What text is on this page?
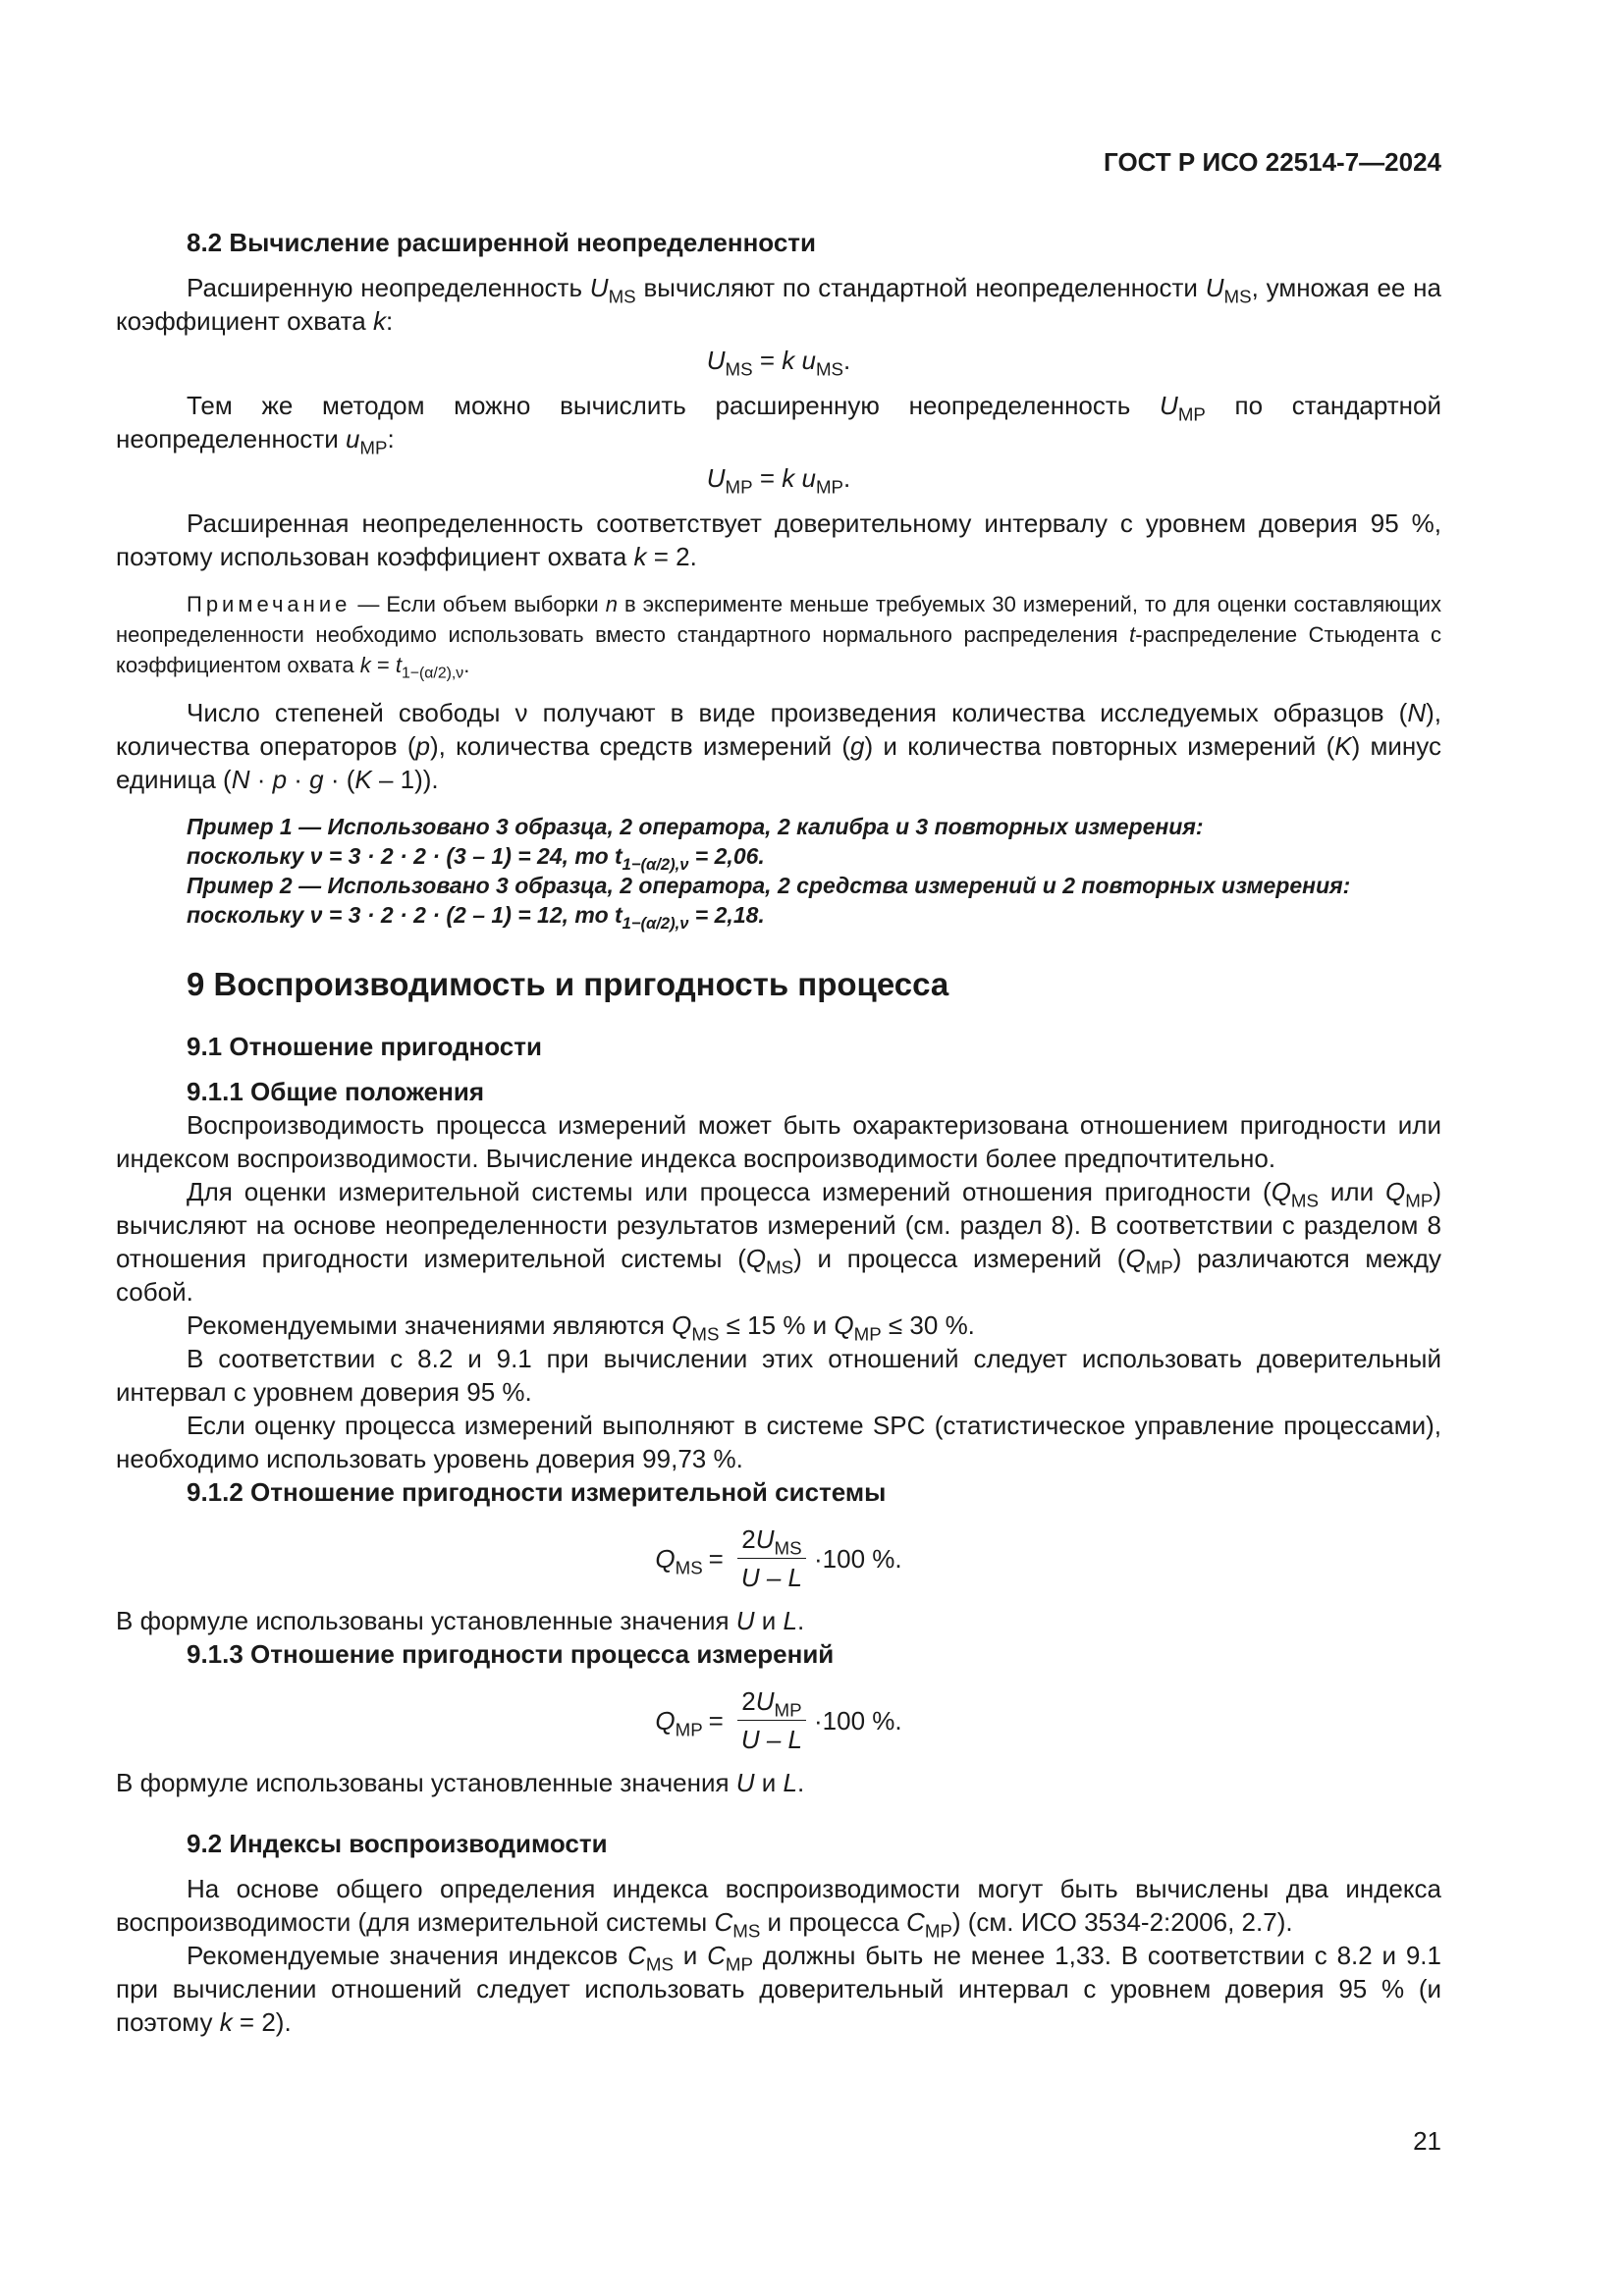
ГОСТ Р ИСО 22514-7—2024

8.2 Вычисление расширенной неопределенности

Расширенную неопределенность $U_{MS}$ вычисляют по стандартной неопределенности $U_{MS}$, умножая ее на коэффициент охвата k:

$U_{MS} = k$ $u_{MS}$.

Тем же методом можно вычислить расширенную неопределенность $U_{MP}$ по стандартной неопределенности $u_{MP}$:

$U_{MP} = k$ $u_{MP}$.

Расширенная неопределенность соответствует доверительному интервалу с уровнем доверия 95 %, поэтому использован коэффициент охвата k = 2.

Примечание — Если объем выборки n в эксперименте меньше требуемых 30 измерений, то для оценки составляющих неопределенности необходимо использовать вместо стандартного нормального распределения t-распределение Стьюдента с коэффициентом охвата $k = t_{1-(\alpha/2),\nu}$.

Число степеней свободы ν получают в виде произведения количества исследуемых образцов (N), количества операторов (p), количества средств измерений (g) и количества повторных измерений (K) минус единица (N · p · g · (K – 1)).

Пример 1 — Использовано 3 образца, 2 оператора, 2 калибра и 3 повторных измерения:
поскольку ν = 3 · 2 · 2 · (3 – 1) = 24, то $t_{1-(\alpha/2),\nu} = 2,06$.
Пример 2 — Использовано 3 образца, 2 оператора, 2 средства измерений и 2 повторных измерения:
поскольку ν = 3 · 2 · 2 · (2 – 1) = 12, то $t_{1-(\alpha/2),\nu} = 2,18$.

9 Воспроизводимость и пригодность процесса

9.1 Отношение пригодности

9.1.1 Общие положения

Воспроизводимость процесса измерений может быть охарактеризована отношением пригодности или индексом воспроизводимости. Вычисление индекса воспроизводимости более предпочтительно.

Для оценки измерительной системы или процесса измерений отношения пригодности ($Q_{MS}$ или $Q_{MP}$) вычисляют на основе неопределенности результатов измерений (см. раздел 8). В соответствии с разделом 8 отношения пригодности измерительной системы $(Q_{MS})$ и процесса измерений $(Q_{MP})$ различаются между собой.

Рекомендуемыми значениями являются $Q_{MS} \le 15$ % и $Q_{MP} \le 30$ %.

В соответствии с 8.2 и 9.1 при вычислении этих отношений следует использовать доверительный интервал с уровнем доверия 95 %.

Если оценку процесса измерений выполняют в системе SPC (статистическое управление процессами), необходимо использовать уровень доверия 99,73 %.

9.1.2 Отношение пригодности измерительной системы

$Q_{MS} = \frac{2U_{MS}}{U - L} \cdot 100$ %.

В формуле использованы установленные значения U и L.

9.1.3 Отношение пригодности процесса измерений

$Q_{MP} = \frac{2U_{MP}}{U - L} \cdot 100$ %.

В формуле использованы установленные значения U и L.

9.2 Индексы воспроизводимости

На основе общего определения индекса воспроизводимости могут быть вычислены два индекса воспроизводимости (для измерительной системы $C_{MS}$ и процесса $C_{MP}$) (см. ИСО 3534-2:2006, 2.7).

Рекомендуемые значения индексов $C_{MS}$ и $C_{MP}$ должны быть не менее 1,33. В соответствии с 8.2 и 9.1 при вычислении отношений следует использовать доверительный интервал с уровнем доверия 95 % (и поэтому k = 2).

21
